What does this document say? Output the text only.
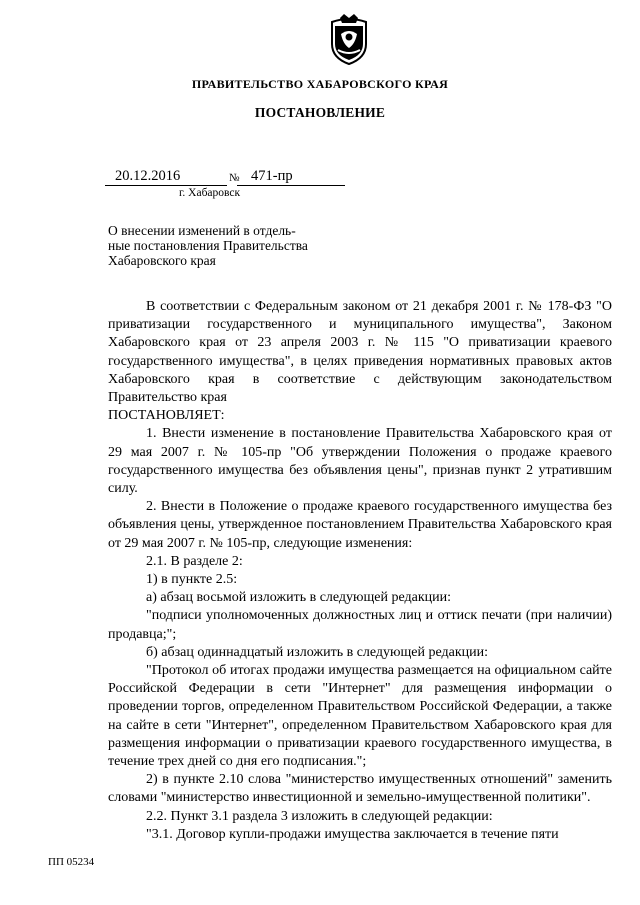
ПРАВИТЕЛЬСТВО ХАБАРОВСКОГО КРАЯ
ПОСТАНОВЛЕНИЕ
20.12.2016	№ 471-пр
г. Хабаровск
О внесении изменений в отдель-
ные постановления Правительства
Хабаровского края

В соответствии с Федеральным законом от 21 декабря 2001 г. № 178-ФЗ "О приватизации государственного и муниципального имущества", Законом Хабаровского края от 23 апреля 2003 г. № 115 "О приватизации краевого государственного имущества", в целях приведения нормативных правовых актов Хабаровского края в соответствие с действующим законодательством Правительство края

ПОСТАНОВЛЯЕТ:

1. Внести изменение в постановление Правительства Хабаровского края от 29 мая 2007 г. № 105-пр "Об утверждении Положения о продаже краевого государственного имущества без объявления цены", признав пункт 2 утратившим силу.

2. Внести в Положение о продаже краевого государственного имущества без объявления цены, утвержденное постановлением Правительства Хабаровского края от 29 мая 2007 г. № 105-пр, следующие изменения:

2.1. В разделе 2:

1) в пункте 2.5:

а) абзац восьмой изложить в следующей редакции:

"подписи уполномоченных должностных лиц и оттиск печати (при наличии) продавца;";

б) абзац одиннадцатый изложить в следующей редакции:

"Протокол об итогах продажи имущества размещается на официальном сайте Российской Федерации в сети "Интернет" для размещения информации о проведении торгов, определенном Правительством Российской Федерации, а также на сайте в сети "Интернет", определенном Правительством Хабаровского края для размещения информации о приватизации краевого государственного имущества, в течение трех дней со дня его подписания.";

2) в пункте 2.10 слова "министерство имущественных отношений" заменить словами "министерство инвестиционной и земельно-имущественной политики".

2.2. Пункт 3.1 раздела 3 изложить в следующей редакции:

"3.1. Договор купли-продажи имущества заключается в течение пяти

ПП 05234
